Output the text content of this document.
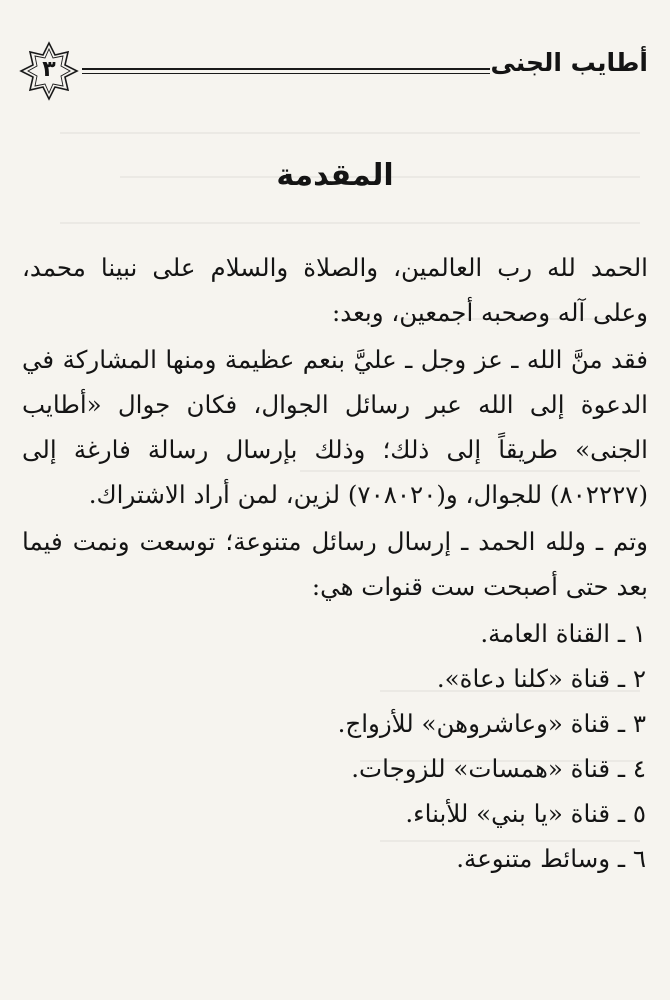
أطايب الجنى
٣
المقدمة

الحمد لله رب العالمين، والصلاة والسلام على نبينا محمد، وعلى آله وصحبه أجمعين، وبعد:

فقد منَّ الله ـ عز وجل ـ عليَّ بنعم عظيمة ومنها المشاركة في الدعوة إلى الله عبر رسائل الجوال، فكان جوال «أطايب الجنى» طريقاً إلى ذلك؛ وذلك بإرسال رسالة فارغة إلى (٨٠٢٢٢٧) للجوال، و(٧٠٨٠٢٠) لزين، لمن أراد الاشتراك.

وتم ـ ولله الحمد ـ إرسال رسائل متنوعة؛ توسعت ونمت فيما بعد حتى أصبحت ست قنوات هي:

١ ـ القناة العامة.
٢ ـ قناة «كلنا دعاة».
٣ ـ قناة «وعاشروهن» للأزواج.
٤ ـ قناة «همسات» للزوجات.
٥ ـ قناة «يا بني» للأبناء.
٦ ـ وسائط متنوعة.
